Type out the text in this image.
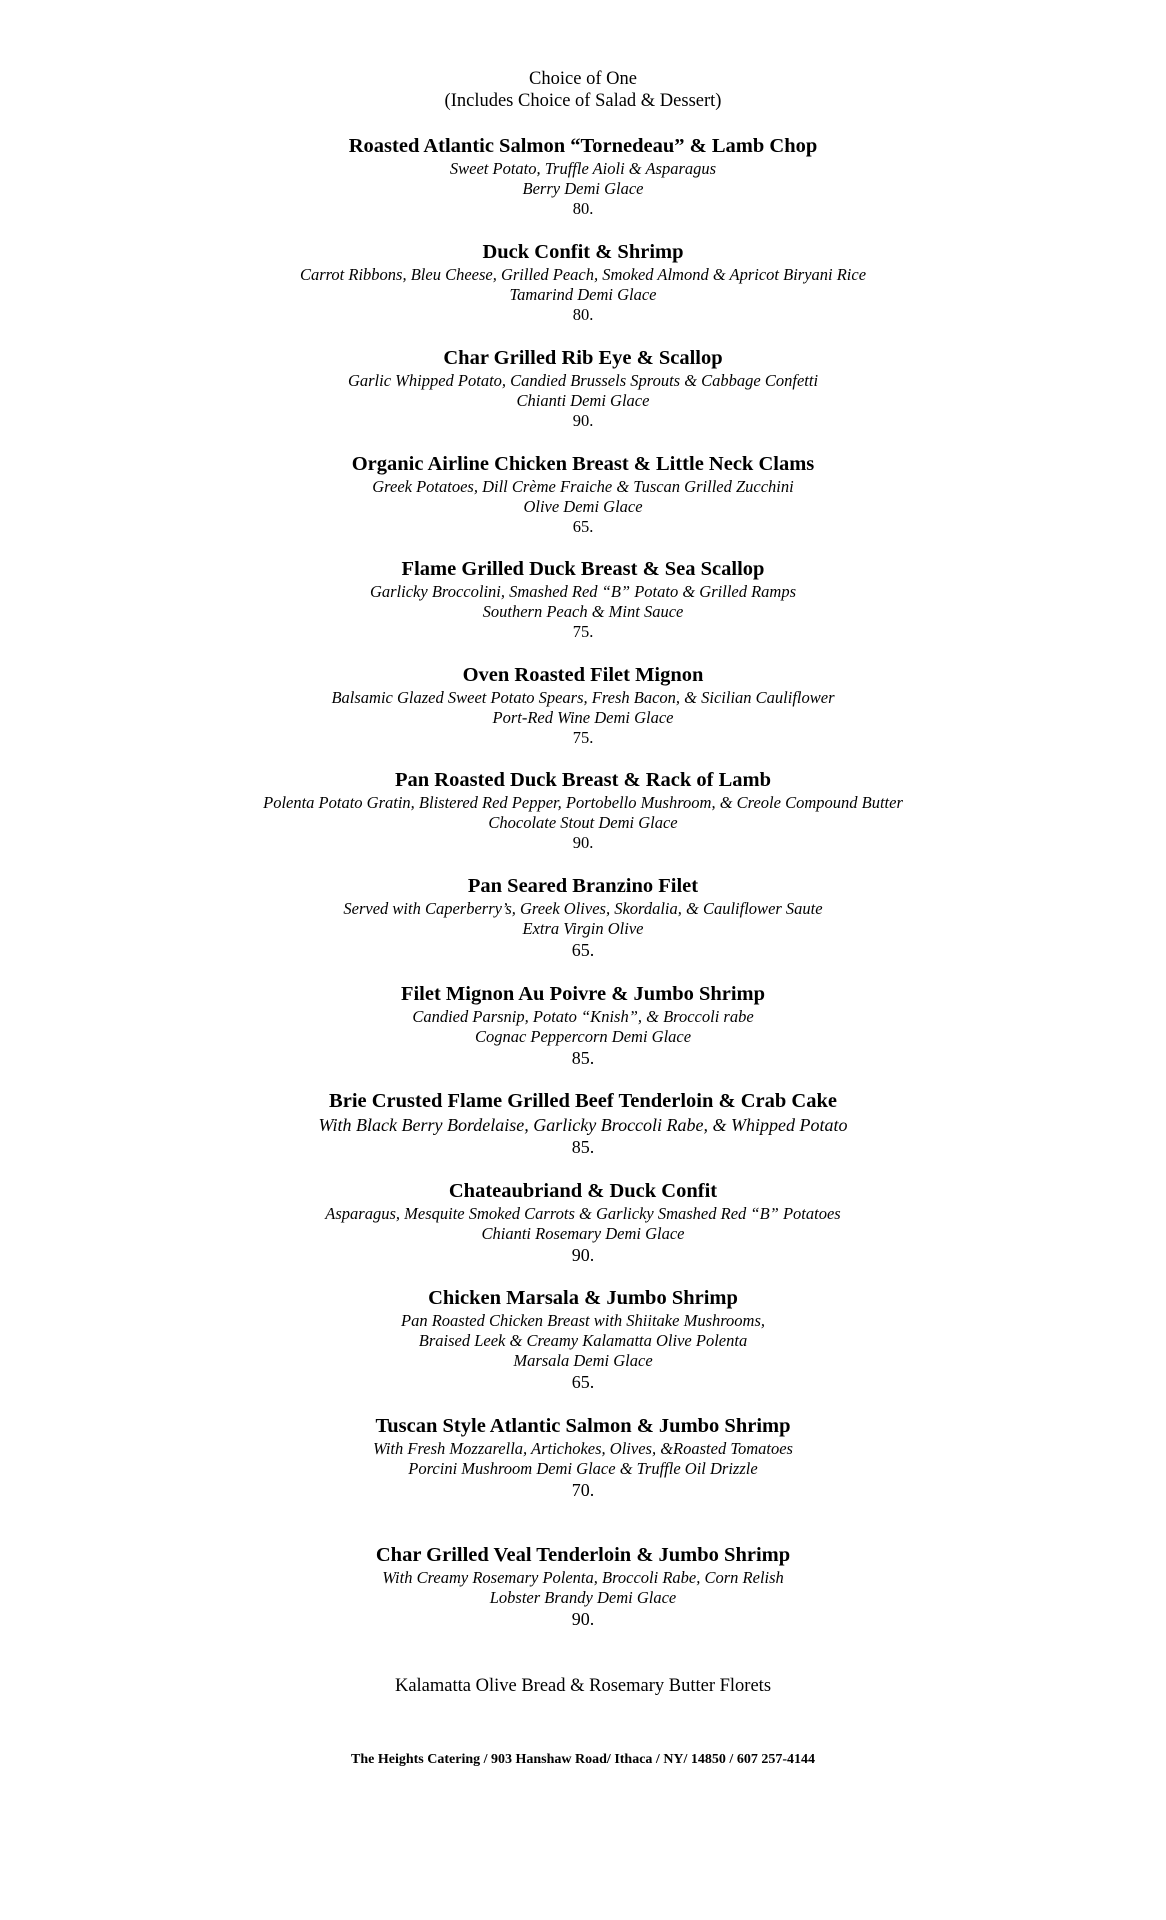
Choice of One
(Includes Choice of Salad & Dessert)
Roasted Atlantic Salmon “Tornedeau” & Lamb Chop
Sweet Potato, Truffle Aioli & Asparagus
Berry Demi Glace
80.
Duck Confit & Shrimp
Carrot Ribbons, Bleu Cheese, Grilled Peach, Smoked Almond & Apricot Biryani Rice
Tamarind Demi Glace
80.
Char Grilled Rib Eye & Scallop
Garlic Whipped Potato, Candied Brussels Sprouts & Cabbage Confetti
Chianti Demi Glace
90.
Organic Airline Chicken Breast & Little Neck Clams
Greek Potatoes, Dill Crème Fraiche & Tuscan Grilled Zucchini
Olive Demi Glace
65.
Flame Grilled Duck Breast & Sea Scallop
Garlicky Broccolini, Smashed Red “B” Potato & Grilled Ramps
Southern Peach & Mint Sauce
75.
Oven Roasted Filet Mignon
Balsamic Glazed Sweet Potato Spears, Fresh Bacon, & Sicilian Cauliflower
Port-Red Wine Demi Glace
75.
Pan Roasted Duck Breast & Rack of Lamb
Polenta Potato Gratin, Blistered Red Pepper, Portobello Mushroom, & Creole Compound Butter
Chocolate Stout Demi Glace
90.
Pan Seared Branzino Filet
Served with Caperberry’s, Greek Olives, Skordalia, & Cauliflower Saute
Extra Virgin Olive
65.
Filet Mignon Au Poivre & Jumbo Shrimp
Candied Parsnip, Potato “Knish”, & Broccoli rabe
Cognac Peppercorn Demi Glace
85.
Brie Crusted Flame Grilled Beef Tenderloin & Crab Cake
With Black Berry Bordelaise, Garlicky Broccoli Rabe, & Whipped Potato
85.
Chateaubriand & Duck Confit
Asparagus, Mesquite Smoked Carrots & Garlicky Smashed Red “B” Potatoes
Chianti Rosemary Demi Glace
90.
Chicken Marsala & Jumbo Shrimp
Pan Roasted Chicken Breast with Shiitake Mushrooms,
Braised Leek & Creamy Kalamatta Olive Polenta
Marsala Demi Glace
65.
Tuscan Style Atlantic Salmon & Jumbo Shrimp
With Fresh Mozzarella, Artichokes, Olives, &Roasted Tomatoes
Porcini Mushroom Demi Glace & Truffle Oil Drizzle
70.
Char Grilled Veal Tenderloin & Jumbo Shrimp
With Creamy Rosemary Polenta, Broccoli Rabe, Corn Relish
Lobster Brandy Demi Glace
90.
Kalamatta Olive Bread & Rosemary Butter Florets
The Heights Catering / 903 Hanshaw Road/ Ithaca / NY/ 14850 / 607 257-4144
